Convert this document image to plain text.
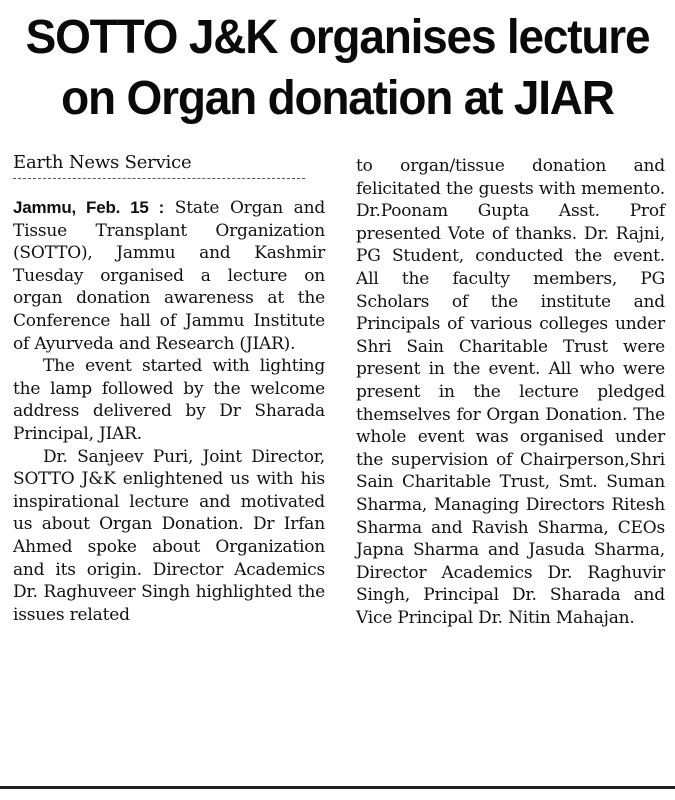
SOTTO J&K organises lecture
on Organ donation at JIAR
Earth News Service

Jammu, Feb. 15 : State Organ and Tissue Transplant Organization (SOTTO), Jammu and Kashmir Tuesday organised a lecture on organ donation awareness at the Conference hall of Jammu Institute of Ayurveda and Research (JIAR).

The event started with lighting the lamp followed by the welcome address delivered by Dr Sharada Principal, JIAR.

Dr. Sanjeev Puri, Joint Director, SOTTO J&K enlightened us with his inspirational lecture and motivated us about Organ Donation. Dr Irfan Ahmed spoke about Organization and its origin. Director Academics Dr. Raghuveer Singh highlighted the issues related

to organ/tissue donation and felicitated the guests with memento. Dr.Poonam Gupta Asst. Prof presented Vote of thanks. Dr. Rajni, PG Student, conducted the event. All the faculty members, PG Scholars of the institute and Principals of various colleges under Shri Sain Charitable Trust were present in the event. All who were present in the lecture pledged themselves for Organ Donation. The whole event was organised under the supervision of Chairperson,Shri Sain Charitable Trust, Smt. Suman Sharma, Managing Directors Ritesh Sharma and Ravish Sharma, CEOs Japna Sharma and Jasuda Sharma, Director Academics Dr. Raghuvir Singh, Principal Dr. Sharada and Vice Principal Dr. Nitin Mahajan.
